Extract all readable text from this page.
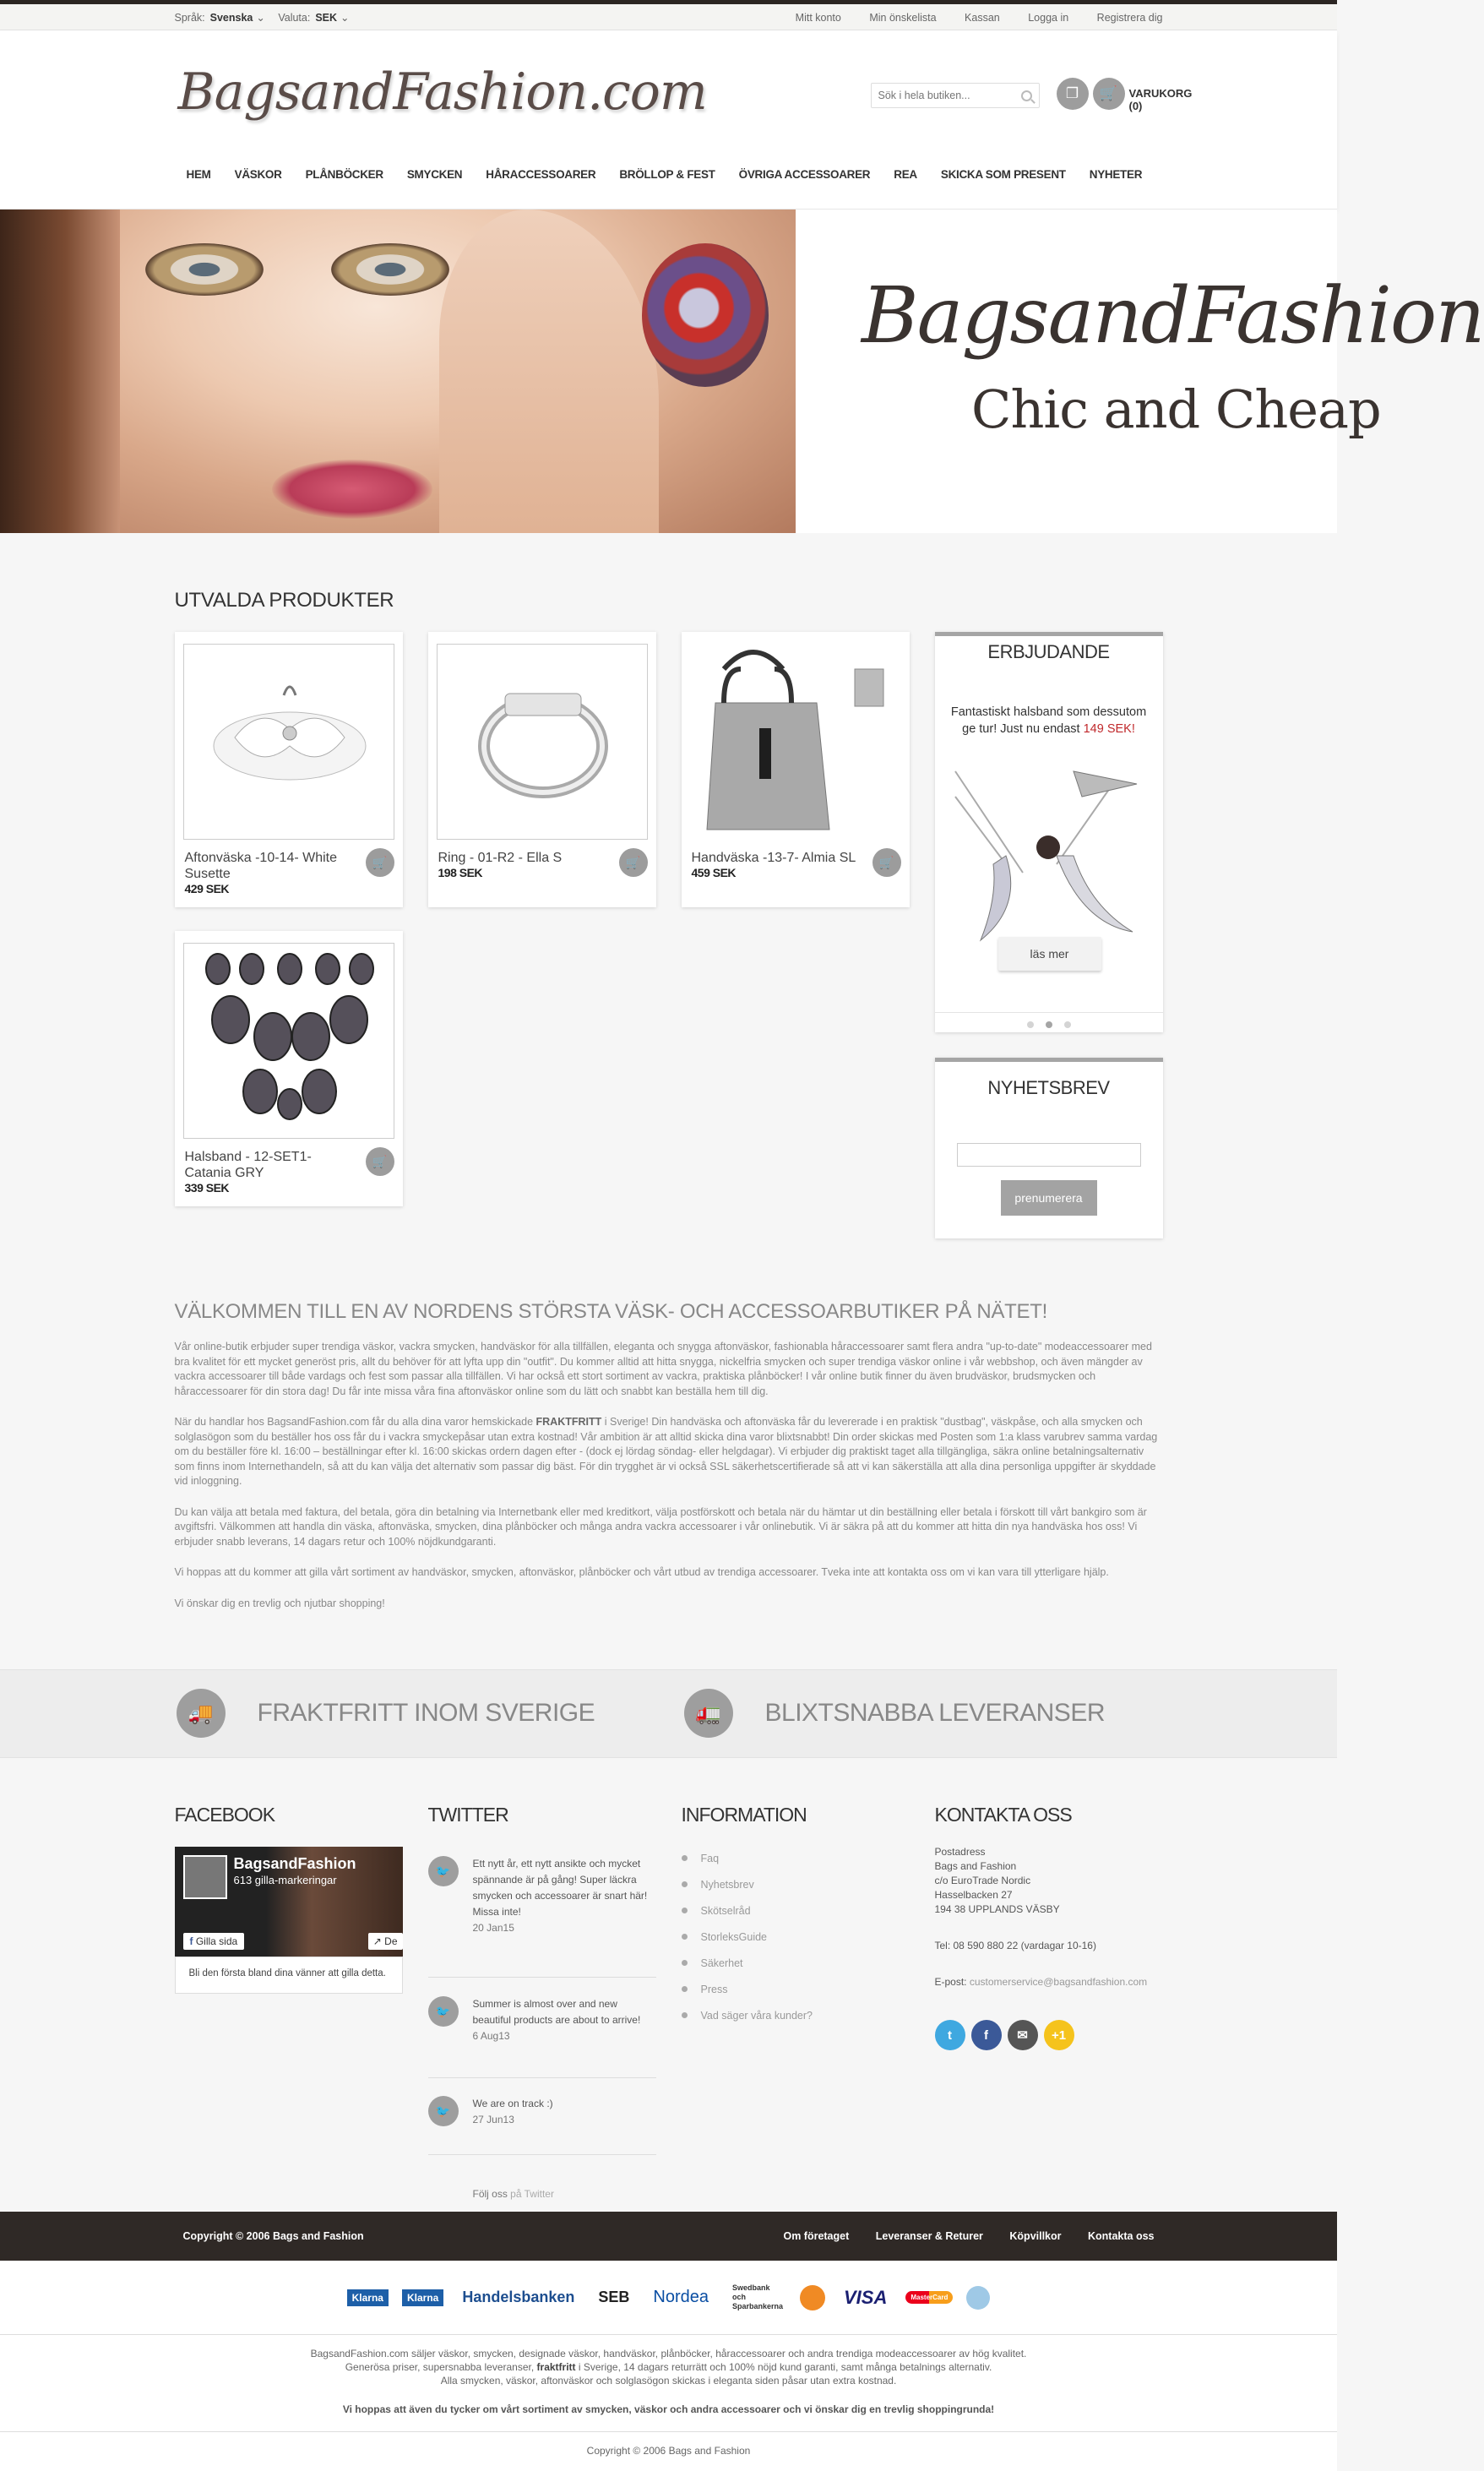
Språk: Svenska ⌄ Valuta: SEK ⌄	Mitt konto	Min önskelista	Kassan	Logga in	Registrera dig
BagsandFashion.com
Sök i hela butiken...	❐	🛒	VARUKORG (0)
HEM	VÄSKOR	PLÅNBÖCKER	SMYCKEN	HÅRACCESSOARER	BRÖLLOP & FEST	ÖVRIGA ACCESSOARER	REA	SKICKA SOM PRESENT	NYHETER
BagsandFashion
Chic and Cheap
UTVALDA PRODUKTER
Aftonväska -10-14- White Susette
429 SEK
🛒	Ring - 01-R2 - Ella S
198 SEK
🛒	Handväska -13-7- Almia SL
459 SEK
🛒
Halsband - 12-SET1-Catania GRY
339 SEK
🛒
ERBJUDANDE
Fantastiskt halsband som dessutom ge tur! Just nu endast 149 SEK!
läs mer
NYHETSBREV
prenumerera
VÄLKOMMEN TILL EN AV NORDENS STÖRSTA VÄSK- OCH ACCESSOARBUTIKER PÅ NÄTET!

Vår online-butik erbjuder super trendiga väskor, vackra smycken, handväskor för alla tillfällen, eleganta och snygga aftonväskor, fashionabla håraccessoarer samt flera andra "up-to-date" modeaccessoarer med bra kvalitet för ett mycket generöst pris, allt du behöver för att lyfta upp din "outfit". Du kommer alltid att hitta snygga, nickelfria smycken och super trendiga väskor online i vår webbshop, och även mängder av vackra accessoarer till både vardags och fest som passar alla tillfällen. Vi har också ett stort sortiment av vackra, praktiska plånböcker! I vår online butik finner du även brudväskor, brudsmycken och håraccessoarer för din stora dag! Du får inte missa våra fina aftonväskor online som du lätt och snabbt kan beställa hem till dig.

När du handlar hos BagsandFashion.com får du alla dina varor hemskickade FRAKTFRITT i Sverige! Din handväska och aftonväska får du levererade i en praktisk "dustbag", väskpåse, och alla smycken och solglasögon som du beställer hos oss får du i vackra smyckepåsar utan extra kostnad! Vår ambition är att alltid skicka dina varor blixtsnabbt! Din order skickas med Posten som 1:a klass varubrev samma vardag om du beställer före kl. 16:00 – beställningar efter kl. 16:00 skickas ordern dagen efter - (dock ej lördag söndag- eller helgdagar). Vi erbjuder dig praktiskt taget alla tillgängliga, säkra online betalningsalternativ som finns inom Internethandeln, så att du kan välja det alternativ som passar dig bäst. För din trygghet är vi också SSL säkerhetscertifierade så att vi kan säkerställa att alla dina personliga uppgifter är skyddade vid inloggning.

Du kan välja att betala med faktura, del betala, göra din betalning via Internetbank eller med kreditkort, välja postförskott och betala när du hämtar ut din beställning eller betala i förskott till vårt bankgiro som är avgiftsfri. Välkommen att handla din väska, aftonväska, smycken, dina plånböcker och många andra vackra accessoarer i vår onlinebutik. Vi är säkra på att du kommer att hitta din nya handväska hos oss! Vi erbjuder snabb leverans, 14 dagars retur och 100% nöjdkundgaranti.

Vi hoppas att du kommer att gilla vårt sortiment av handväskor, smycken, aftonväskor, plånböcker och vårt utbud av trendiga accessoarer. Tveka inte att kontakta oss om vi kan vara till ytterligare hjälp.

Vi önskar dig en trevlig och njutbar shopping!

🚚	FRAKTFRITT INOM SVERIGE	🚛	BLIXTSNABBA LEVERANSER
FACEBOOK
BagsandFashion
613 gilla-markeringar
f Gilla sida	↗ De
Bli den första bland dina vänner att gilla detta.
TWITTER
🐦
Ett nytt år, ett nytt ansikte och mycket spännande är på gång! Super läckra smycken och accessoarer är snart här! Missa inte!
20 Jan15
🐦
Summer is almost over and new beautiful products are about to arrive!
6 Aug13
🐦
We are on track :)
27 Jun13
Följ oss på Twitter
INFORMATION
Faq
Nyhetsbrev
Skötselråd
StorleksGuide
Säkerhet
Press
Vad säger våra kunder?
KONTAKTA OSS
Postadress
Bags and Fashion
c/o EuroTrade Nordic
Hasselbacken 27
194 38 UPPLANDS VÄSBY
Tel: 08 590 880 22 (vardagar 10-16)
E-post: customerservice@bagsandfashion.com
t	f	✉	+1
Copyright © 2006 Bags and Fashion	Om företaget	Leveranser & Returer	Köpvillkor	Kontakta oss
Klarna	Klarna	Handelsbanken	SEB	Nordea	Swedbank och Sparbankerna	VISA	MasterCard
BagsandFashion.com säljer väskor, smycken, designade väskor, handväskor, plånböcker, håraccessoarer och andra trendiga modeaccessoarer av hög kvalitet.
Generösa priser, supersnabba leveranser, fraktfritt i Sverige, 14 dagars returrätt och 100% nöjd kund garanti, samt många betalnings alternativ.
Alla smycken, väskor, aftonväskor och solglasögon skickas i eleganta siden påsar utan extra kostnad.
Vi hoppas att även du tycker om vårt sortiment av smycken, väskor och andra accessoarer och vi önskar dig en trevlig shoppingrunda!
Copyright © 2006 Bags and Fashion
